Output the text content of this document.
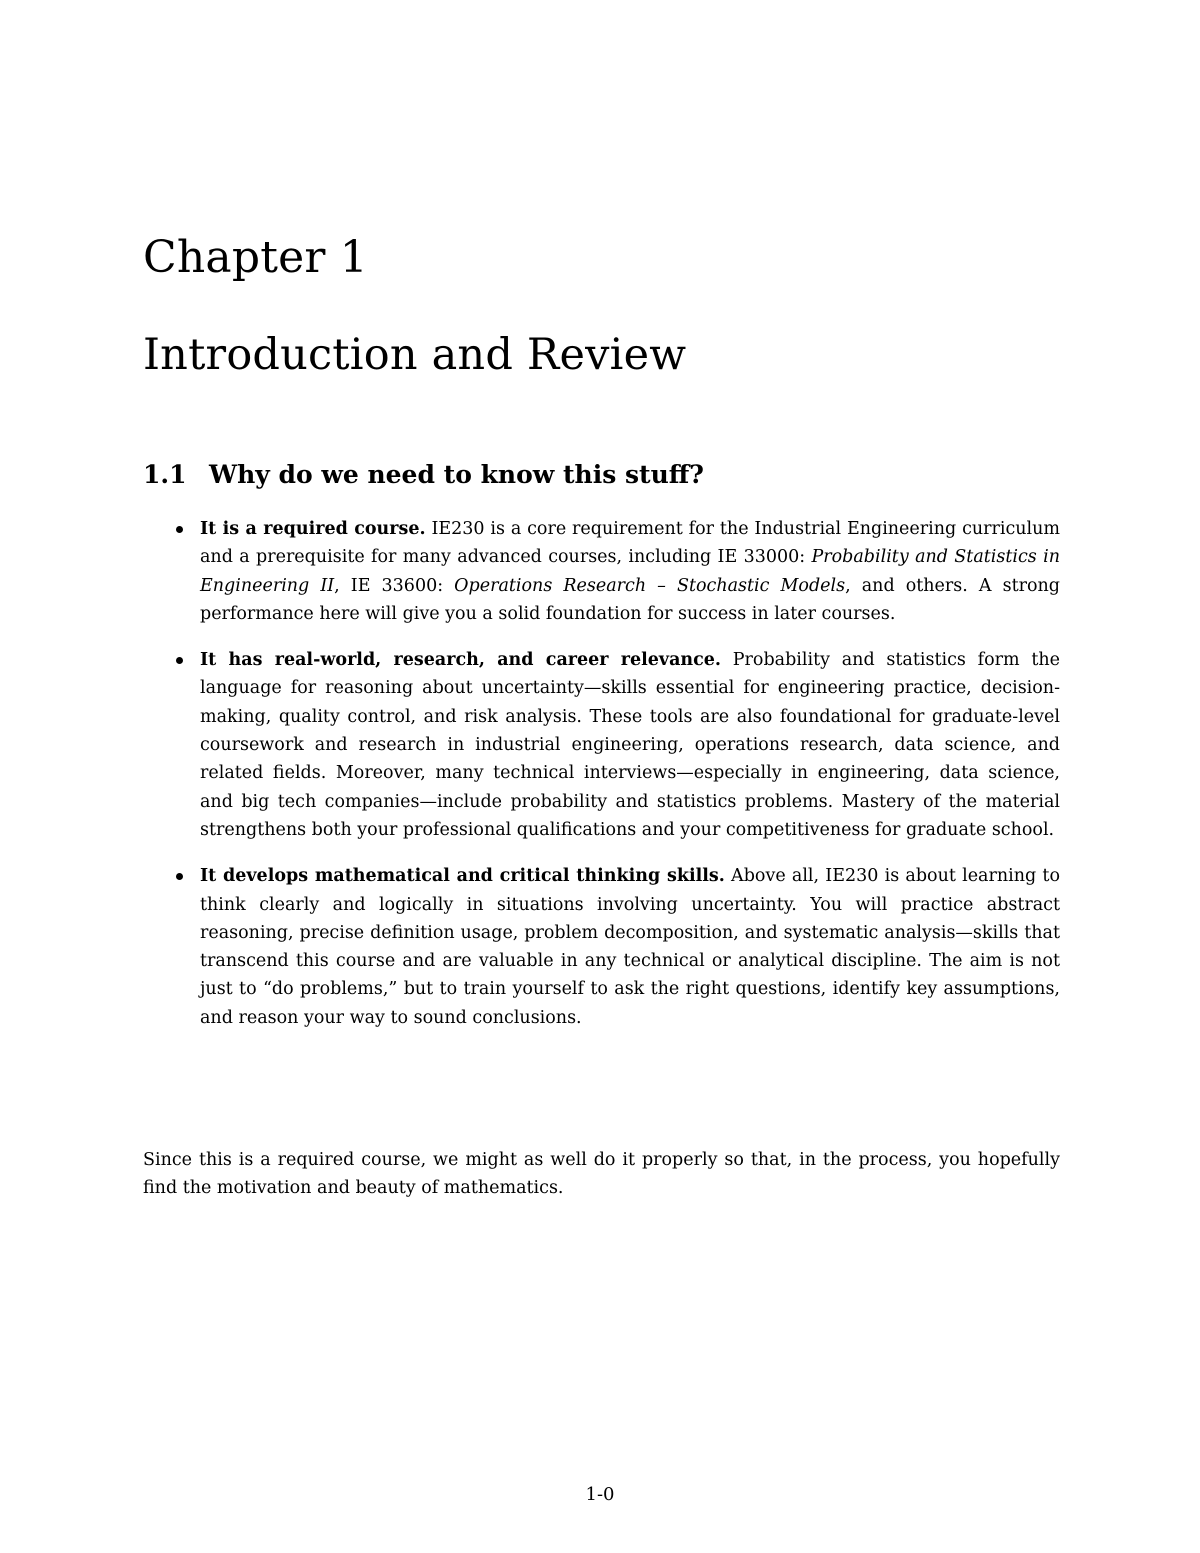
Chapter 1
Introduction and Review
1.1 Why do we need to know this stuff?
It is a required course. IE230 is a core requirement for the Industrial Engineering curriculum and a prerequisite for many advanced courses, including IE 33000: Probability and Statistics in Engineering II, IE 33600: Operations Research – Stochastic Models, and others. A strong performance here will give you a solid foundation for success in later courses.
It has real-world, research, and career relevance. Probability and statistics form the language for reasoning about uncertainty—skills essential for engineering practice, decision-making, quality control, and risk analysis. These tools are also foundational for graduate-level coursework and research in industrial engineering, operations research, data science, and related fields. Moreover, many technical interviews—especially in engineering, data science, and big tech companies—include probability and statistics problems. Mastery of the material strengthens both your professional qualifications and your competitiveness for graduate school.
It develops mathematical and critical thinking skills. Above all, IE230 is about learning to think clearly and logically in situations involving uncertainty. You will practice abstract reasoning, precise definition usage, problem decomposition, and systematic analysis—skills that transcend this course and are valuable in any technical or analytical discipline. The aim is not just to “do problems,” but to train yourself to ask the right questions, identify key assumptions, and reason your way to sound conclusions.

Since this is a required course, we might as well do it properly so that, in the process, you hopefully find the motivation and beauty of mathematics.

1-0
